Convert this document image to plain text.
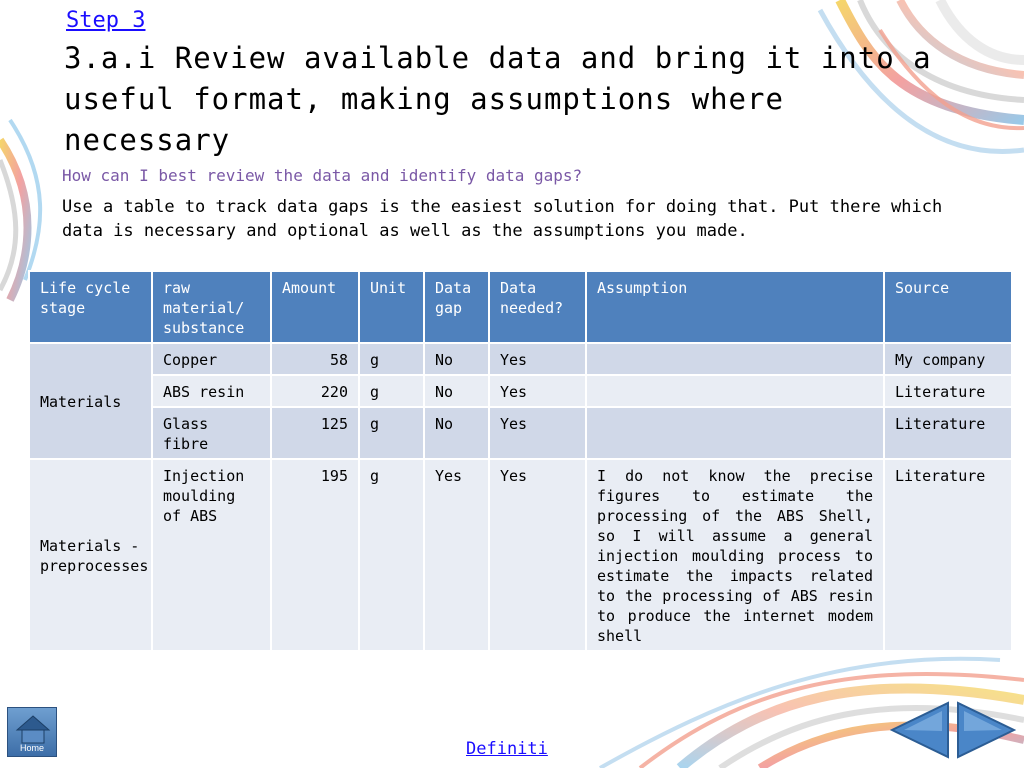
Step 3
3.a.i Review available data and bring it into a useful format, making assumptions where necessary
How can I best review the data and identify data gaps?
Use a table to track data gaps is the easiest solution for doing that. Put there which data is necessary and optional as well as the assumptions you made.
Life cycle stage	raw material/ substance	Amount	Unit	Data gap	Data needed?	Assumption	Source
Materials	Copper	58	g	No	Yes		My company
	ABS resin	220	g	No	Yes		Literature
	Glass fibre	125	g	No	Yes		Literature
Materials - preprocesses	Injection moulding of ABS	195	g	Yes	Yes	I do not know the precise figures to estimate the processing of the ABS Shell, so I will assume a general injection moulding process to estimate the impacts related to the processing of ABS resin to produce the internet modem shell	Literature
Home	Definiti
